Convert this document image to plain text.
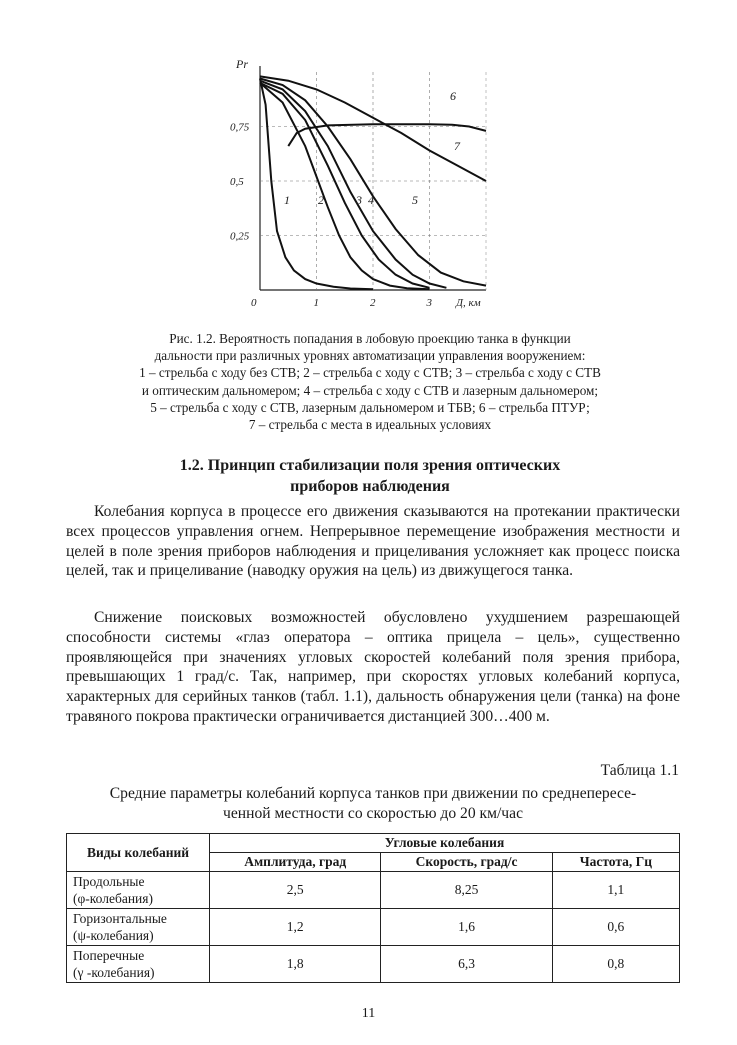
0,25
0,5
0,75
0	1	2	3
Pr
Д, км
1 2	3 4	5
6
7
Рис. 1.2. Вероятность попадания в лобовую проекцию танка в функции
дальности при различных уровнях автоматизации управления вооружением:
1 – стрельба с ходу без СТВ; 2 – стрельба с ходу с СТВ; 3 – стрельба с ходу с СТВ
и оптическим дальномером; 4 – стрельба с ходу с СТВ и лазерным дальномером;
5 – стрельба с ходу с СТВ, лазерным дальномером и ТБВ; 6 – стрельба ПТУР;
7 – стрельба с места в идеальных условиях
1.2. Принцип стабилизации поля зрения оптических
приборов наблюдения

Колебания корпуса в процессе его движения сказываются на протекании практически всех процессов управления огнем. Непрерывное перемещение изображения местности и целей в поле зрения приборов наблюдения и прицеливания усложняет как процесс поиска целей, так и прицеливание (наводку оружия на цель) из движущегося танка.

Снижение поисковых возможностей обусловлено ухудшением разрешающей способности системы «глаз оператора – оптика прицела – цель», существенно проявляющейся при значениях угловых скоростей колебаний поля зрения прибора, превышающих 1 град/с. Так, например, при скоростях угловых колебаний корпуса, характерных для серийных танков (табл. 1.1), дальность обнаружения цели (танка) на фоне травяного покрова практически ограничивается дистанцией 300…400 м.

Таблица 1.1
Средние параметры колебаний корпуса танков при движении по среднепересе-
ченной местности со скоростью до 20 км/час
Виды колебаний	Угловые колебания		
	Амплитуда, град	Скорость, град/с	Частота, Гц

Продольные
(φ-колебания)	2,5	8,25	1,1

Горизонтальные
(ψ-колебания)	1,2	1,6	0,6

Поперечные
(γ -колебания)	1,8	6,3	0,8
11
